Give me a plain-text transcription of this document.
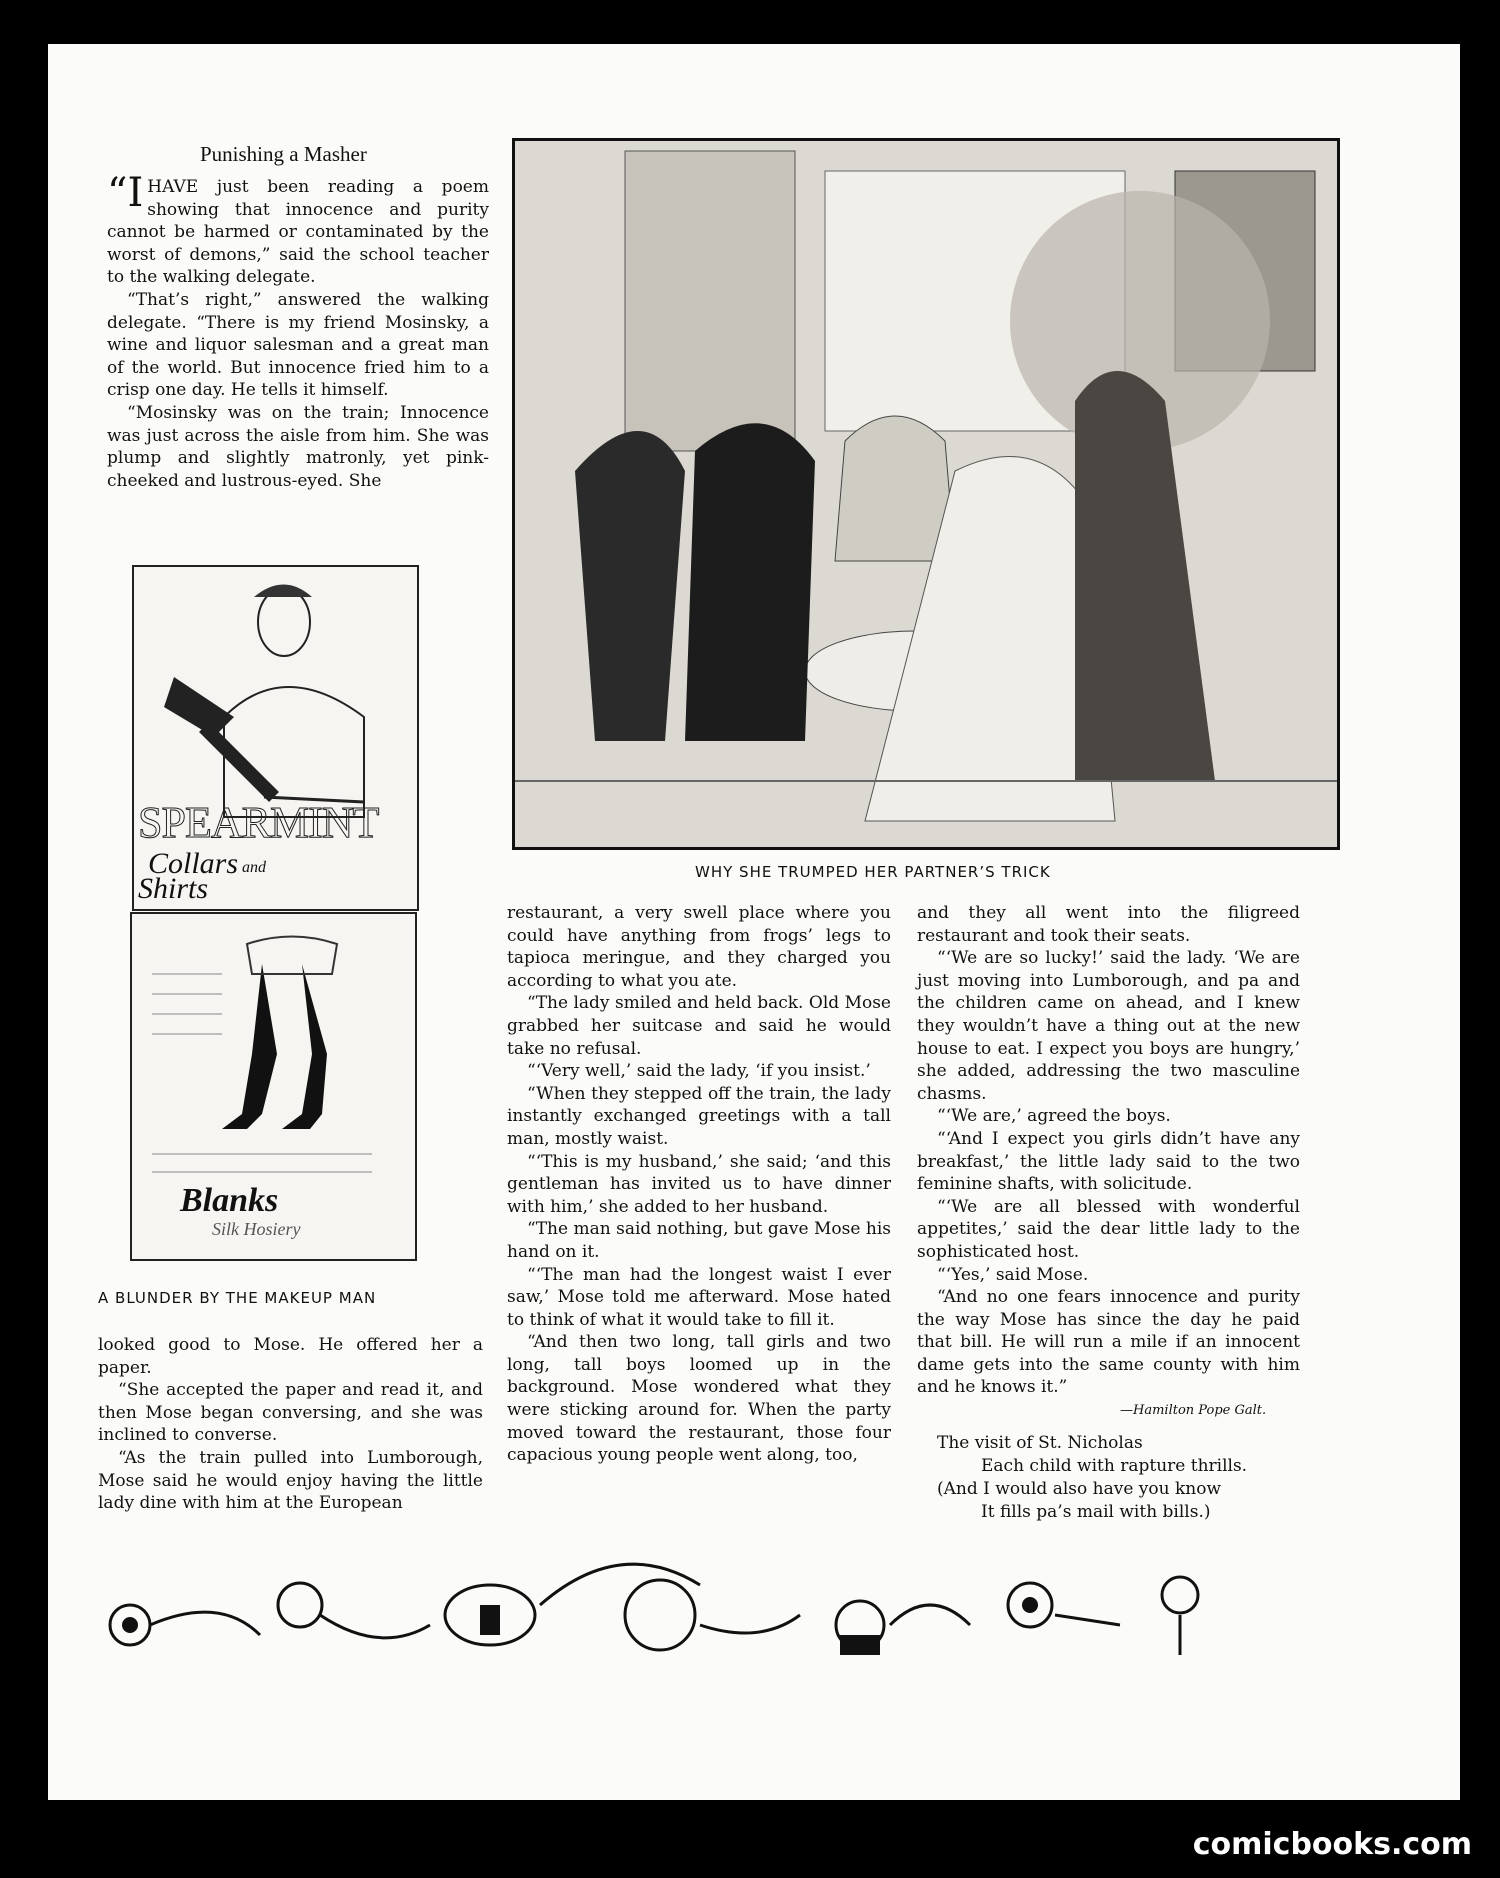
Punishing a Masher

“IHAVE just been reading a poem showing that innocence and purity cannot be harmed or contaminated by the worst of demons,” said the school teacher to the walking delegate.

“That’s right,” answered the walking delegate. “There is my friend Mosinsky, a wine and liquor salesman and a great man of the world. But innocence fried him to a crisp one day. He tells it himself.

“Mosinsky was on the train; Innocence was just across the aisle from him. She was plump and slightly matronly, yet pink-cheeked and lustrous-eyed. She

SPEARMINT
Collars and
Shirts
Blanks
Silk Hosiery
A BLUNDER BY THE MAKEUP MAN

looked good to Mose. He offered her a paper.

“She accepted the paper and read it, and then Mose began conversing, and she was inclined to converse.

“As the train pulled into Lumborough, Mose said he would enjoy having the little lady dine with him at the European

WHY SHE TRUMPED HER PARTNER’S TRICK

restaurant, a very swell place where you could have anything from frogs’ legs to tapioca meringue, and they charged you according to what you ate.

“The lady smiled and held back. Old Mose grabbed her suitcase and said he would take no refusal.

“‘Very well,’ said the lady, ‘if you insist.’

“When they stepped off the train, the lady instantly exchanged greetings with a tall man, mostly waist.

“‘This is my husband,’ she said; ‘and this gentleman has invited us to have dinner with him,’ she added to her husband.

“The man said nothing, but gave Mose his hand on it.

“‘The man had the longest waist I ever saw,’ Mose told me afterward. Mose hated to think of what it would take to fill it.

“And then two long, tall girls and two long, tall boys loomed up in the background. Mose wondered what they were sticking around for. When the party moved toward the restaurant, those four capacious young people went along, too,

and they all went into the filigreed restaurant and took their seats.

“‘We are so lucky!’ said the lady. ‘We are just moving into Lumborough, and pa and the children came on ahead, and I knew they wouldn’t have a thing out at the new house to eat. I expect you boys are hungry,’ she added, addressing the two masculine chasms.

“‘We are,’ agreed the boys.

“‘And I expect you girls didn’t have any breakfast,’ the little lady said to the two feminine shafts, with solicitude.

“‘We are all blessed with wonderful appetites,’ said the dear little lady to the sophisticated host.

“‘Yes,’ said Mose.

“And no one fears innocence and purity the way Mose has since the day he paid that bill. He will run a mile if an innocent dame gets into the same county with him and he knows it.”

—Hamilton Pope Galt.
The visit of St. Nicholas
Each child with rapture thrills.
(And I would also have you know
It fills pa’s mail with bills.)
comicbooks.com
